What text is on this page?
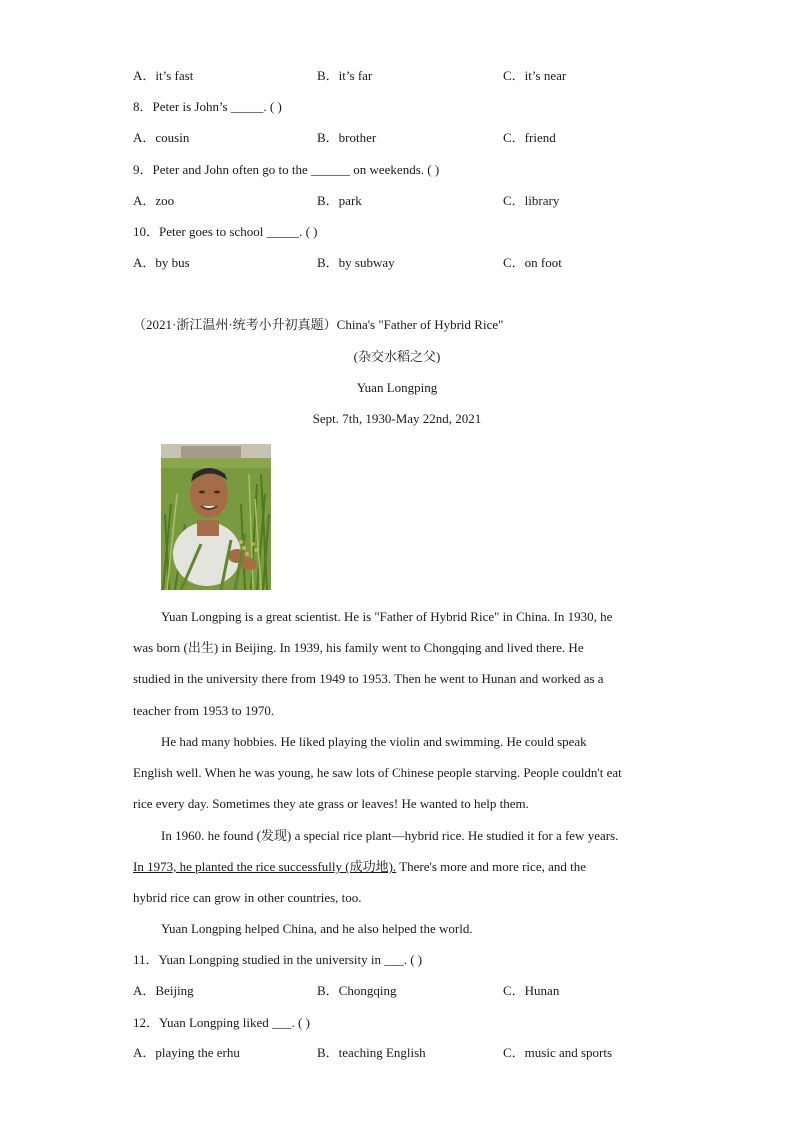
A．it’s fast	B．it’s far	C．it’s near
8．Peter is John’s _____. ( )
A．cousin	B．brother	C．friend
9．Peter and John often go to the ______ on weekends. ( )
A．zoo	B．park	C．library
10．Peter goes to school _____. ( )
A．by bus	B．by subway	C．on foot
（2021·浙江温州·统考小升初真题）China's "Father of Hybrid Rice"
(杂交水稻之父)
Yuan Longping
Sept. 7th, 1930-May 22nd, 2021
Yuan Longping is a great scientist. He is "Father of Hybrid Rice" in China. In 1930, he
was born (出生) in Beijing. In 1939, his family went to Chongqing and lived there. He
studied in the university there from 1949 to 1953. Then he went to Hunan and worked as a
teacher from 1953 to 1970.
He had many hobbies. He liked playing the violin and swimming. He could speak
English well. When he was young, he saw lots of Chinese people starving. People couldn't eat
rice every day. Sometimes they ate grass or leaves! He wanted to help them.
In 1960. he found (发现) a special rice plant—hybrid rice. He studied it for a few years.
In 1973, he planted the rice successfully (成功地). There's more and more rice, and the
hybrid rice can grow in other countries, too.
Yuan Longping helped China, and he also helped the world.
11．Yuan Longping studied in the university in ___. ( )
A．Beijing	B．Chongqing	C．Hunan
12．Yuan Longping liked ___. ( )
A．playing the erhu	B．teaching English	C．music and sports
